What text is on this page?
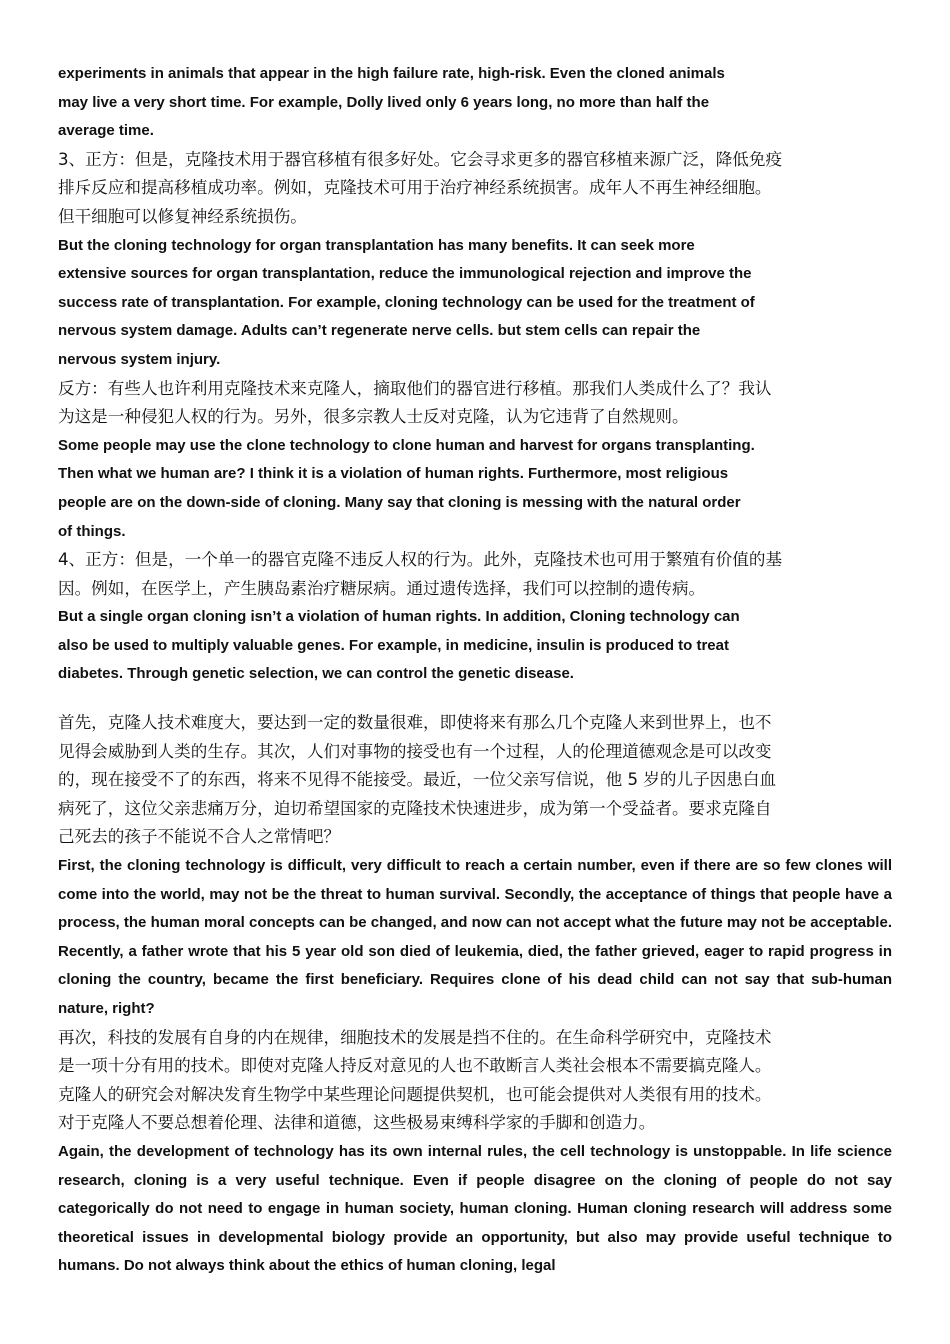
experiments in animals that appear in the high failure rate, high-risk. Even the cloned animals
may live a very short time. For example, Dolly lived only 6 years long, no more than half the
average time.
3、正方：但是，克隆技术用于器官移植有很多好处。它会寻求更多的器官移植来源广泛，降低免疫
排斥反应和提高移植成功率。例如，克隆技术可用于治疗神经系统损害。成年人不再生神经细胞。
但干细胞可以修复神经系统损伤。
But the cloning technology for organ transplantation has many benefits. It can seek more
extensive sources for organ transplantation, reduce the immunological rejection and improve the
success rate of transplantation. For example, cloning technology can be used for the treatment of
nervous system damage. Adults can’t regenerate nerve cells. but stem cells can repair the
nervous system injury.
反方：有些人也许利用克隆技术来克隆人，摘取他们的器官进行移植。那我们人类成什么了？我认
为这是一种侵犯人权的行为。另外，很多宗教人士反对克隆，认为它违背了自然规则。
Some people may use the clone technology to clone human and harvest for organs transplanting.
Then what we human are? I think it is a violation of human rights. Furthermore, most religious
people are on the down-side of cloning. Many say that cloning is messing with the natural order
of things.
4、正方：但是，一个单一的器官克隆不违反人权的行为。此外，克隆技术也可用于繁殖有价值的基
因。例如，在医学上，产生胰岛素治疗糖尿病。通过遗传选择，我们可以控制的遗传病。
But a single organ cloning isn’t a violation of human rights. In addition, Cloning technology can
also be used to multiply valuable genes. For example, in medicine, insulin is produced to treat
diabetes. Through genetic selection, we can control the genetic disease.
首先，克隆人技术难度大，要达到一定的数量很难，即使将来有那么几个克隆人来到世界上，也不
见得会威胁到人类的生存。其次，人们对事物的接受也有一个过程，人的伦理道德观念是可以改变
的，现在接受不了的东西，将来不见得不能接受。最近，一位父亲写信说，他 5 岁的儿子因患白血
病死了，这位父亲悲痛万分，迫切希望国家的克隆技术快速进步，成为第一个受益者。要求克隆自
己死去的孩子不能说不合人之常情吧？
First, the cloning technology is difficult, very difficult to reach a certain number, even if there are so few clones will come into the world, may not be the threat to human survival. Secondly, the acceptance of things that people have a process, the human moral concepts can be changed, and now can not accept what the future may not be acceptable. Recently, a father wrote that his 5 year old son died of leukemia, died, the father grieved, eager to rapid progress in cloning the country, became the first beneficiary. Requires clone of his dead child can not say that sub-human nature, right?
再次，科技的发展有自身的内在规律，细胞技术的发展是挡不住的。在生命科学研究中，克隆技术
是一项十分有用的技术。即使对克隆人持反对意见的人也不敢断言人类社会根本不需要搞克隆人。
克隆人的研究会对解决发育生物学中某些理论问题提供契机，也可能会提供对人类很有用的技术。
对于克隆人不要总想着伦理、法律和道德，这些极易束缚科学家的手脚和创造力。
Again, the development of technology has its own internal rules, the cell technology is unstoppable. In life science research, cloning is a very useful technique. Even if people disagree on the cloning of people do not say categorically do not need to engage in human society, human cloning. Human cloning research will address some theoretical issues in developmental biology provide an opportunity, but also may provide useful technique to humans. Do not always think about the ethics of human cloning, legal
